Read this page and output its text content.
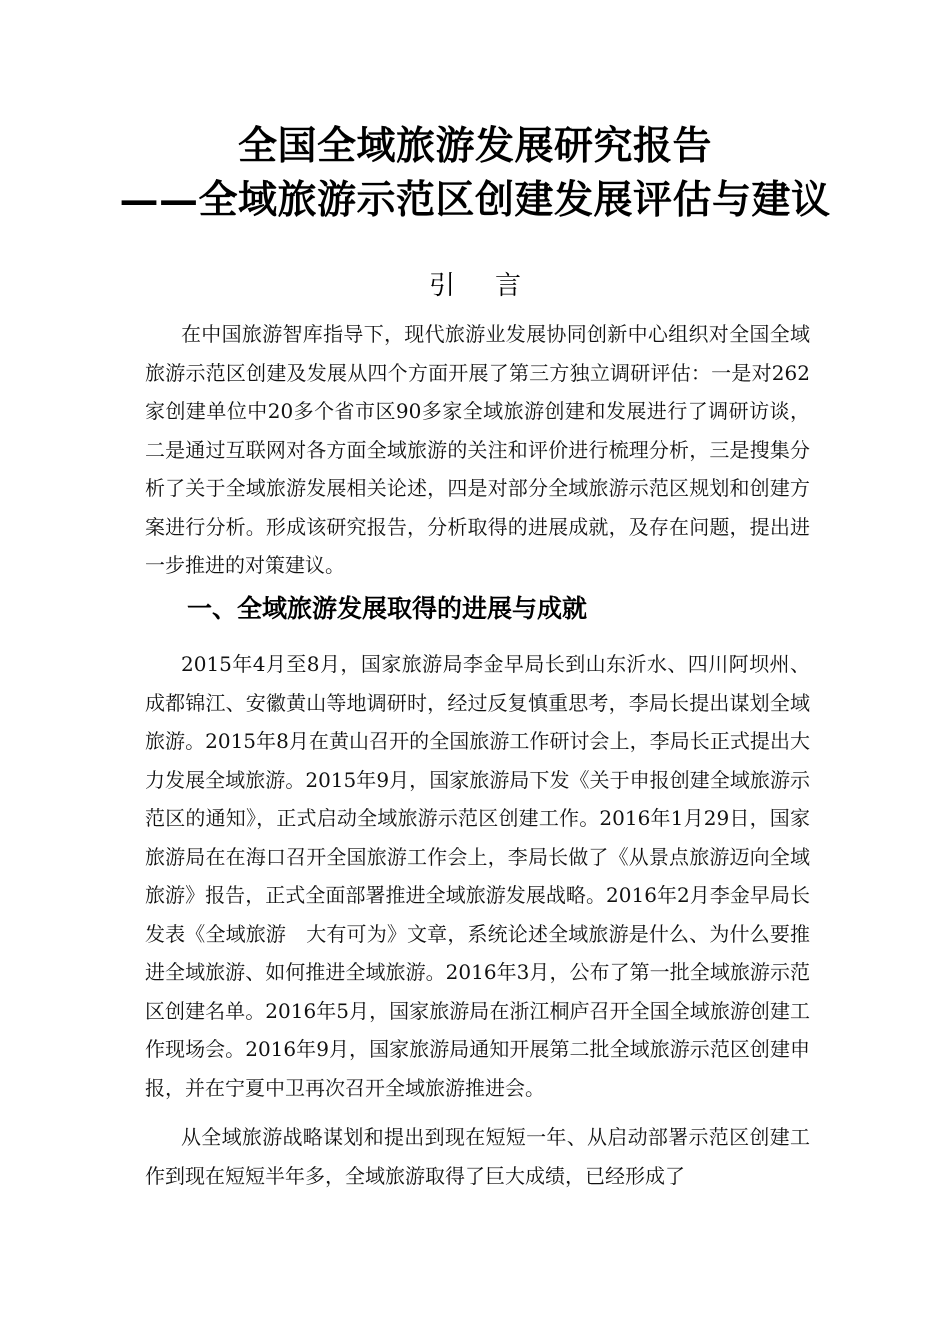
全国全域旅游发展研究报告
——全域旅游示范区创建发展评估与建议
引 言
在中国旅游智库指导下，现代旅游业发展协同创新中心组织对全国全域旅游示范区创建及发展从四个方面开展了第三方独立调研评估：一是对262家创建单位中20多个省市区90多家全域旅游创建和发展进行了调研访谈，二是通过互联网对各方面全域旅游的关注和评价进行梳理分析，三是搜集分析了关于全域旅游发展相关论述，四是对部分全域旅游示范区规划和创建方案进行分析。形成该研究报告，分析取得的进展成就，及存在问题，提出进一步推进的对策建议。
一、全域旅游发展取得的进展与成就
2015年4月至8月，国家旅游局李金早局长到山东沂水、四川阿坝州、成都锦江、安徽黄山等地调研时，经过反复慎重思考，李局长提出谋划全域旅游。2015年8月在黄山召开的全国旅游工作研讨会上，李局长正式提出大力发展全域旅游。2015年9月，国家旅游局下发《关于申报创建全域旅游示范区的通知》，正式启动全域旅游示范区创建工作。2016年1月29日，国家旅游局在在海口召开全国旅游工作会上，李局长做了《从景点旅游迈向全域旅游》报告，正式全面部署推进全域旅游发展战略。2016年2月李金早局长发表《全域旅游　大有可为》文章，系统论述全域旅游是什么、为什么要推进全域旅游、如何推进全域旅游。2016年3月，公布了第一批全域旅游示范区创建名单。2016年5月，国家旅游局在浙江桐庐召开全国全域旅游创建工作现场会。2016年9月，国家旅游局通知开展第二批全域旅游示范区创建申报，并在宁夏中卫再次召开全域旅游推进会。
从全域旅游战略谋划和提出到现在短短一年、从启动部署示范区创建工作到现在短短半年多，全域旅游取得了巨大成绩，已经形成了
